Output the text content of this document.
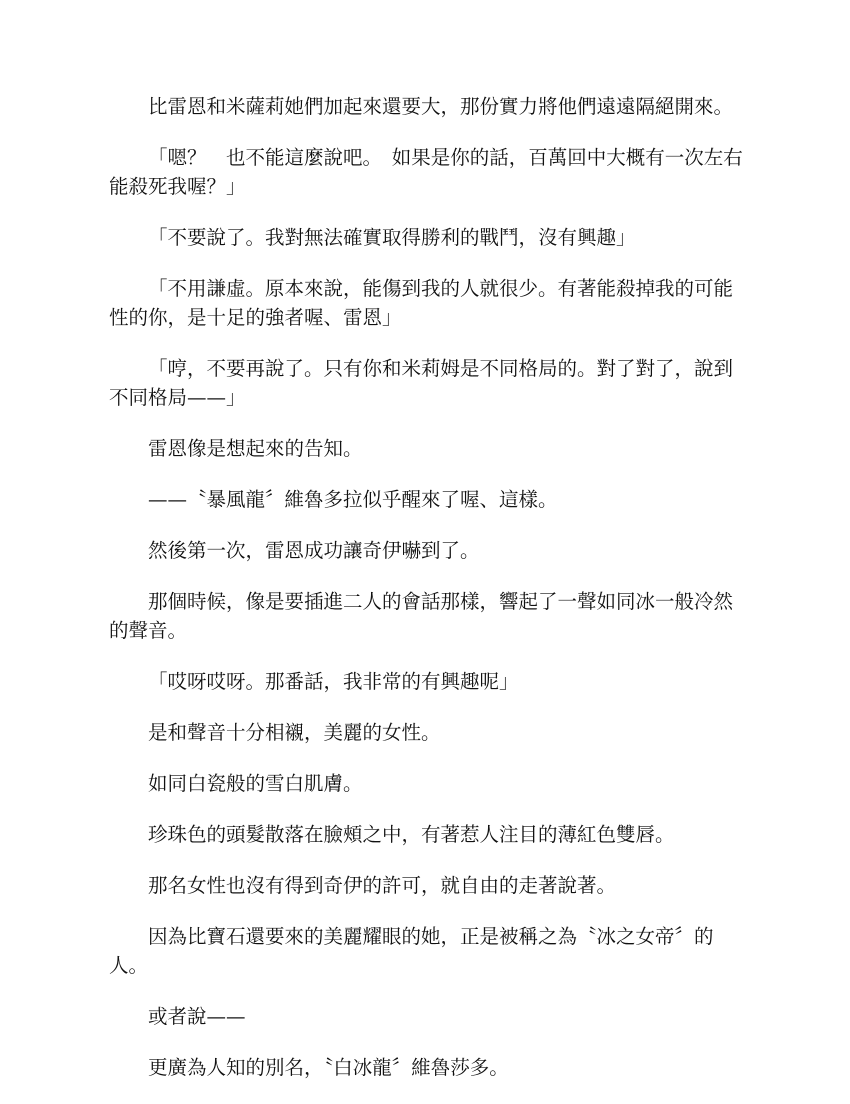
比雷恩和米薩莉她們加起來還要大，那份實力將他們遠遠隔絕開來。

「嗯？　也不能這麼說吧。　如果是你的話，百萬回中大概有一次左右能殺死我喔？」

「不要說了。我對無法確實取得勝利的戰鬥，沒有興趣」

「不用謙虛。原本來說，能傷到我的人就很少。有著能殺掉我的可能性的你，是十足的強者喔、雷恩」

「哼，不要再說了。只有你和米莉姆是不同格局的。對了對了，說到不同格局——」

雷恩像是想起來的告知。

——〝暴風龍〞維魯多拉似乎醒來了喔、這樣。

然後第一次，雷恩成功讓奇伊嚇到了。

那個時候，像是要插進二人的會話那樣，響起了一聲如同冰一般冷然的聲音。

「哎呀哎呀。那番話，我非常的有興趣呢」

是和聲音十分相襯，美麗的女性。

如同白瓷般的雪白肌膚。

珍珠色的頭髮散落在臉頰之中，有著惹人注目的薄紅色雙唇。

那名女性也沒有得到奇伊的許可，就自由的走著說著。

因為比寶石還要來的美麗耀眼的她，正是被稱之為〝冰之女帝〞的人。

或者說——

更廣為人知的別名，〝白冰龍〞維魯莎多。
